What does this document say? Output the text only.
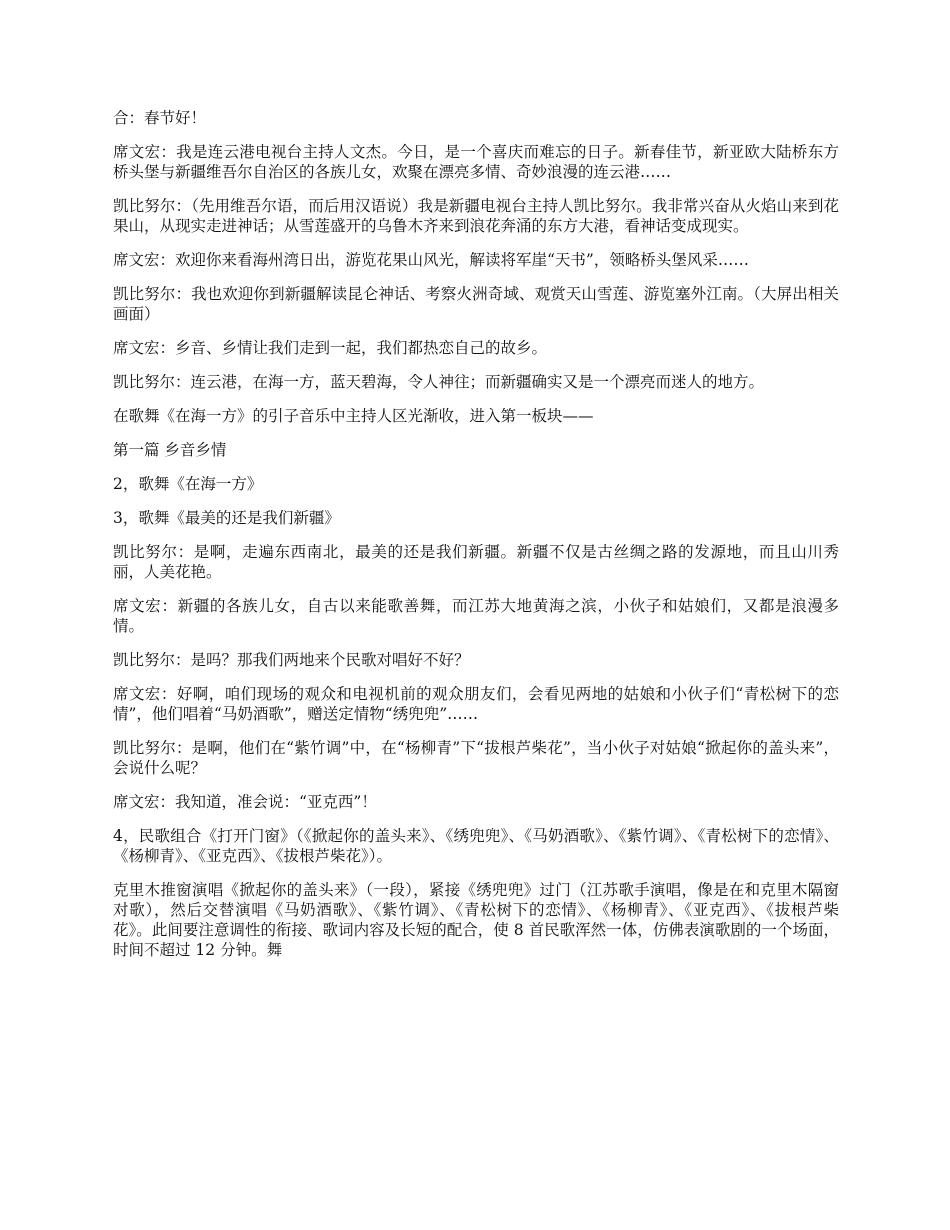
合：春节好！

席文宏：我是连云港电视台主持人文杰。今日，是一个喜庆而难忘的日子。新春佳节，新亚欧大陆桥东方桥头堡与新疆维吾尔自治区的各族儿女，欢聚在漂亮多情、奇妙浪漫的连云港……

凯比努尔：（先用维吾尔语，而后用汉语说）我是新疆电视台主持人凯比努尔。我非常兴奋从火焰山来到花果山，从现实走进神话；从雪莲盛开的乌鲁木齐来到浪花奔涌的东方大港，看神话变成现实。

席文宏：欢迎你来看海州湾日出，游览花果山风光，解读将军崖“天书”，领略桥头堡风采……

凯比努尔：我也欢迎你到新疆解读昆仑神话、考察火洲奇域、观赏天山雪莲、游览塞外江南。（大屏出相关画面）

席文宏：乡音、乡情让我们走到一起，我们都热恋自己的故乡。

凯比努尔：连云港，在海一方，蓝天碧海，令人神往；而新疆确实又是一个漂亮而迷人的地方。

在歌舞《在海一方》的引子音乐中主持人区光渐收，进入第一板块——

第一篇 乡音乡情

2，歌舞《在海一方》

3，歌舞《最美的还是我们新疆》

凯比努尔：是啊，走遍东西南北，最美的还是我们新疆。新疆不仅是古丝绸之路的发源地，而且山川秀丽，人美花艳。

席文宏：新疆的各族儿女，自古以来能歌善舞，而江苏大地黄海之滨，小伙子和姑娘们，又都是浪漫多情。

凯比努尔：是吗？那我们两地来个民歌对唱好不好？

席文宏：好啊，咱们现场的观众和电视机前的观众朋友们，会看见两地的姑娘和小伙子们“青松树下的恋情”，他们唱着“马奶酒歌”，赠送定情物“绣兜兜”……

凯比努尔：是啊，他们在“紫竹调”中，在“杨柳青”下“拔根芦柴花”，当小伙子对姑娘“掀起你的盖头来”，会说什么呢？

席文宏：我知道，准会说：“亚克西”！

4，民歌组合《打开门窗》（《掀起你的盖头来》、《绣兜兜》、《马奶酒歌》、《紫竹调》、《青松树下的恋情》、《杨柳青》、《亚克西》、《拔根芦柴花》）。

克里木推窗演唱《掀起你的盖头来》（一段），紧接《绣兜兜》过门（江苏歌手演唱，像是在和克里木隔窗对歌），然后交替演唱《马奶酒歌》、《紫竹调》、《青松树下的恋情》、《杨柳青》、《亚克西》、《拔根芦柴花》。此间要注意调性的衔接、歌词内容及长短的配合，使 8 首民歌浑然一体，仿佛表演歌剧的一个场面，时间不超过 12 分钟。舞
